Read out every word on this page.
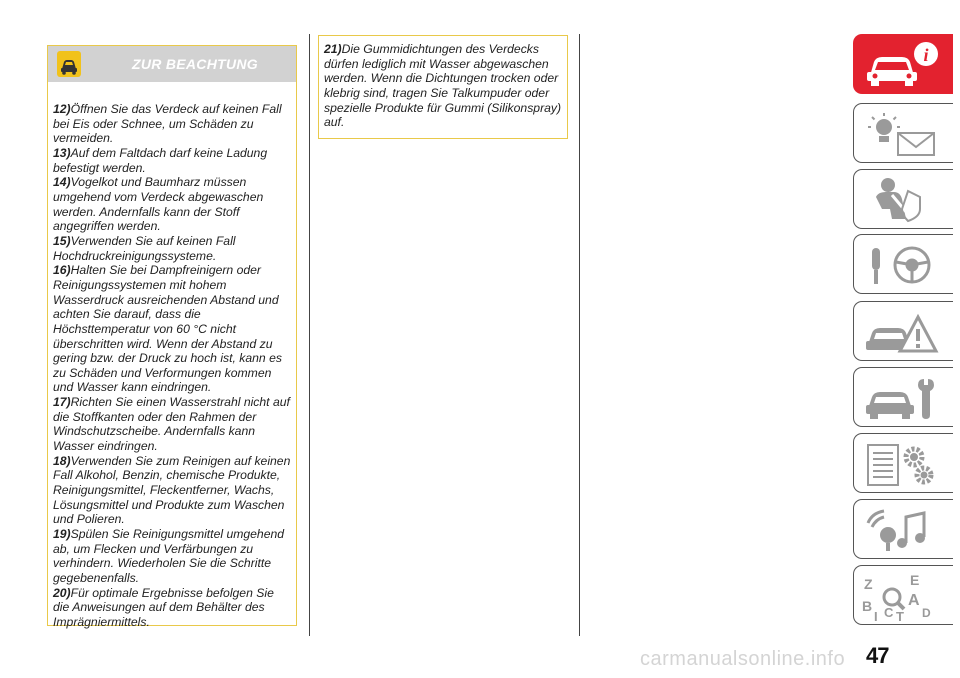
ZUR BEACHTUNG
12)Öffnen Sie das Verdeck auf keinen Fall bei Eis oder Schnee, um Schäden zu vermeiden.
13)Auf dem Faltdach darf keine Ladung befestigt werden.
14)Vogelkot und Baumharz müssen umgehend vom Verdeck abgewaschen werden. Andernfalls kann der Stoff angegriffen werden.
15)Verwenden Sie auf keinen Fall Hochdruckreinigungssysteme.
16)Halten Sie bei Dampfreinigern oder Reinigungssystemen mit hohem Wasserdruck ausreichenden Abstand und achten Sie darauf, dass die Höchsttemperatur von 60 °C nicht überschritten wird. Wenn der Abstand zu gering bzw. der Druck zu hoch ist, kann es zu Schäden und Verformungen kommen und Wasser kann eindringen.
17)Richten Sie einen Wasserstrahl nicht auf die Stoffkanten oder den Rahmen der Windschutzscheibe. Andernfalls kann Wasser eindringen.
18)Verwenden Sie zum Reinigen auf keinen Fall Alkohol, Benzin, chemische Produkte, Reinigungsmittel, Fleckentferner, Wachs, Lösungsmittel und Produkte zum Waschen und Polieren.
19)Spülen Sie Reinigungsmittel umgehend ab, um Flecken und Verfärbungen zu verhindern. Wiederholen Sie die Schritte gegebenenfalls.
20)Für optimale Ergebnisse befolgen Sie die Anweisungen auf dem Behälter des Imprägniermittels.
21)Die Gummidichtungen des Verdecks dürfen lediglich mit Wasser abgewaschen werden. Wenn die Dichtungen trocken oder klebrig sind, tragen Sie Talkumpuder oder spezielle Produkte für Gummi (Silikonspray) auf.
i
Z	E
B A
D
C T
I
47
carmanualsonline.info
